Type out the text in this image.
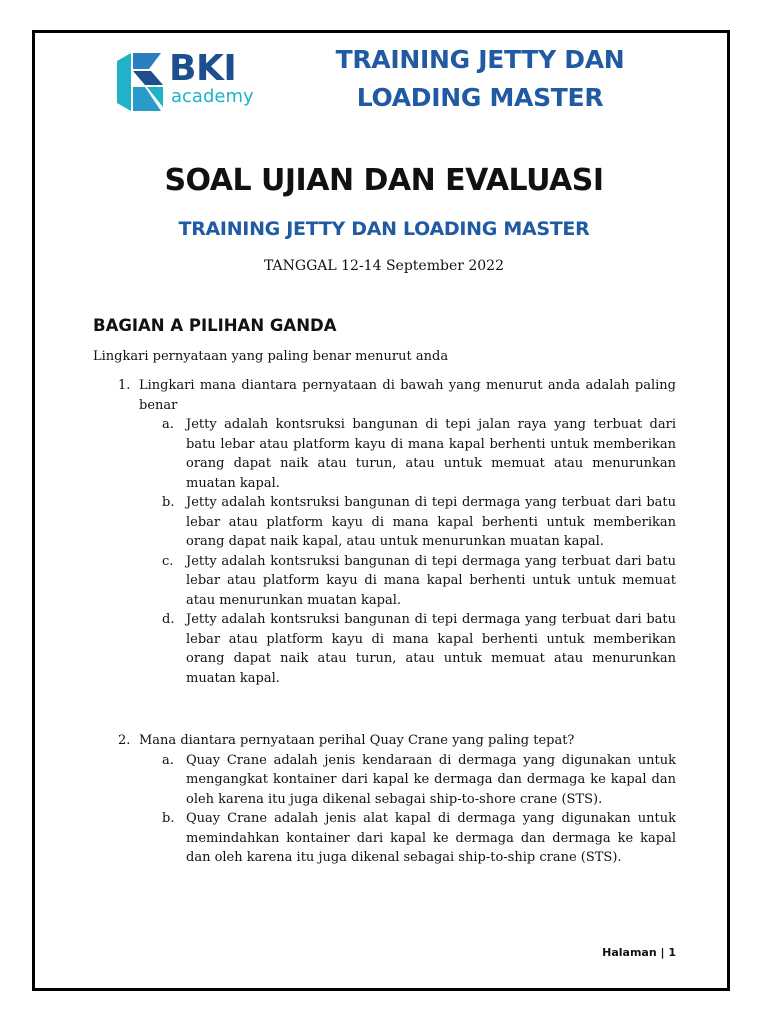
BKI
academy
TRAINING JETTY DAN
LOADING MASTER
SOAL UJIAN DAN EVALUASI
TRAINING JETTY DAN LOADING MASTER
TANGGAL 12-14 September 2022
BAGIAN A PILIHAN GANDA
Lingkari pernyataan yang paling benar menurut anda
1. Lingkari mana diantara pernyataan di bawah yang menurut anda adalah paling benar
a. Jetty adalah kontsruksi bangunan di tepi jalan raya yang terbuat dari batu lebar atau platform kayu di mana kapal berhenti untuk memberikan orang dapat naik atau turun, atau untuk memuat atau menurunkan muatan kapal.
b. Jetty adalah kontsruksi bangunan di tepi dermaga yang terbuat dari batu lebar atau platform kayu di mana kapal berhenti untuk memberikan orang dapat naik kapal, atau untuk menurunkan muatan kapal.
c. Jetty adalah kontsruksi bangunan di tepi dermaga yang terbuat dari batu lebar atau platform kayu di mana kapal berhenti untuk untuk memuat atau menurunkan muatan kapal.
d. Jetty adalah kontsruksi bangunan di tepi dermaga yang terbuat dari batu lebar atau platform kayu di mana kapal berhenti untuk memberikan orang dapat naik atau turun, atau untuk memuat atau menurunkan muatan kapal.
2. Mana diantara pernyataan perihal Quay Crane yang paling tepat?
a. Quay Crane adalah jenis kendaraan di dermaga yang digunakan untuk mengangkat kontainer dari kapal ke dermaga dan dermaga ke kapal dan oleh karena itu juga dikenal sebagai ship-to-shore crane (STS).
b. Quay Crane adalah jenis alat kapal di dermaga yang digunakan untuk memindahkan kontainer dari kapal ke dermaga dan dermaga ke kapal dan oleh karena itu juga dikenal sebagai ship-to-ship crane (STS).
Halaman | 1
